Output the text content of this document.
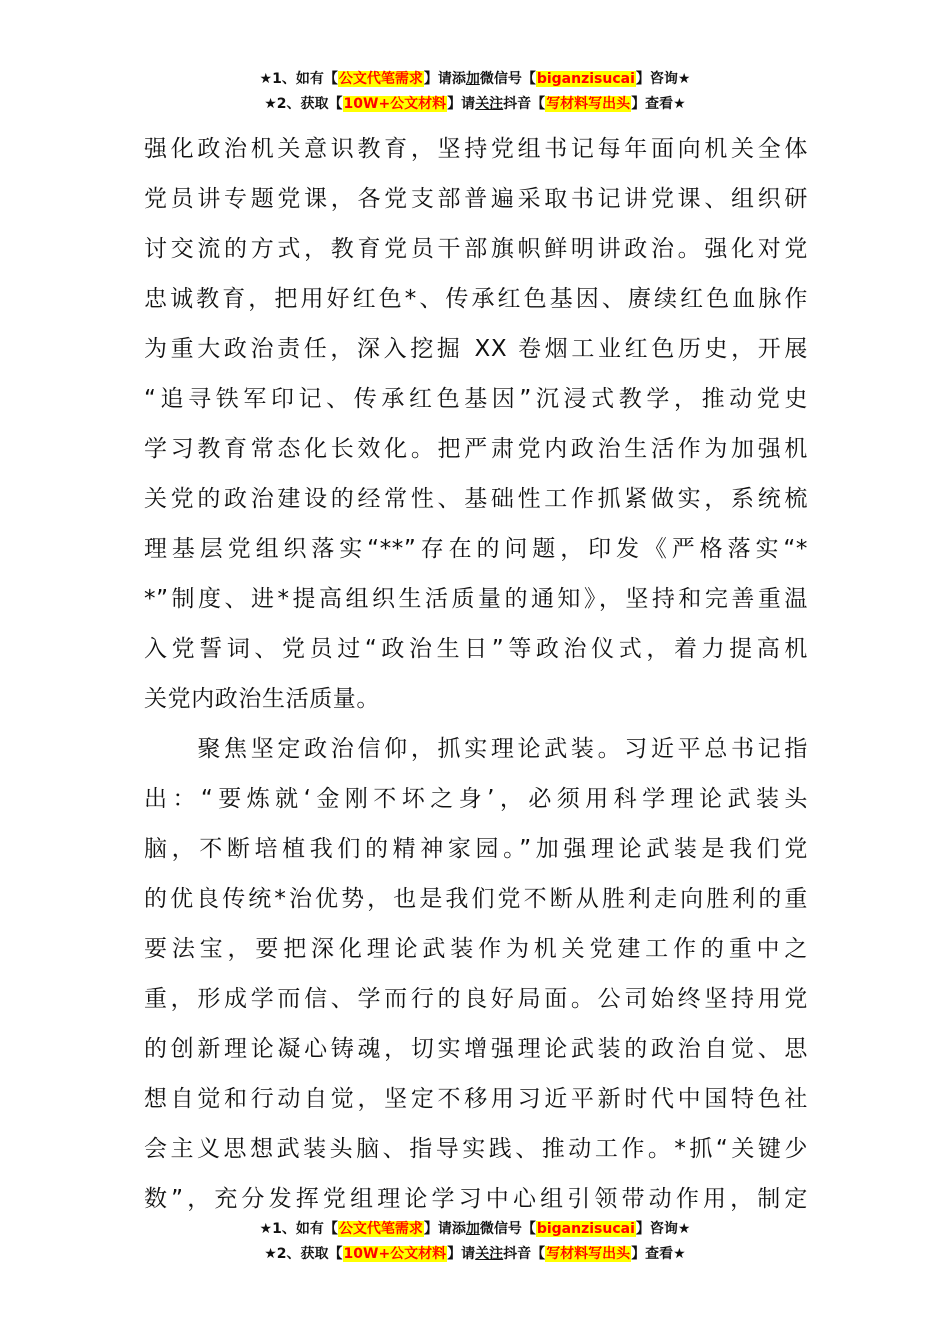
★1、如有【公文代笔需求】请添加微信号【biganzisucai】咨询★
★2、获取【10W+公文材料】请关注抖音【写材料写出头】查看★
强化政治机关意识教育，坚持党组书记每年面向机关全体
党员讲专题党课，各党支部普遍采取书记讲党课、组织研
讨交流的方式，教育党员干部旗帜鲜明讲政治。强化对党
忠诚教育，把用好红色*、传承红色基因、赓续红色血脉作
为重大政治责任，深入挖掘 XX 卷烟工业红色历史，开展
“追寻铁军印记、传承红色基因”沉浸式教学，推动党史
学习教育常态化长效化。把严肃党内政治生活作为加强机
关党的政治建设的经常性、基础性工作抓紧做实，系统梳
理基层党组织落实“**”存在的问题，印发《严格落实“*
*”制度、进*提高组织生活质量的通知》，坚持和完善重温
入党誓词、党员过“政治生日”等政治仪式，着力提高机
关党内政治生活质量。
　　聚焦坚定政治信仰，抓实理论武装。习近平总书记指
出：“要炼就‘金刚不坏之身’，必须用科学理论武装头
脑，不断培植我们的精神家园。”加强理论武装是我们党
的优良传统*治优势，也是我们党不断从胜利走向胜利的重
要法宝，要把深化理论武装作为机关党建工作的重中之
重，形成学而信、学而行的良好局面。公司始终坚持用党
的创新理论凝心铸魂，切实增强理论武装的政治自觉、思
想自觉和行动自觉，坚定不移用习近平新时代中国特色社
会主义思想武装头脑、指导实践、推动工作。*抓“关键少
数”，充分发挥党组理论学习中心组引领带动作用，制定
★1、如有【公文代笔需求】请添加微信号【biganzisucai】咨询★
★2、获取【10W+公文材料】请关注抖音【写材料写出头】查看★
